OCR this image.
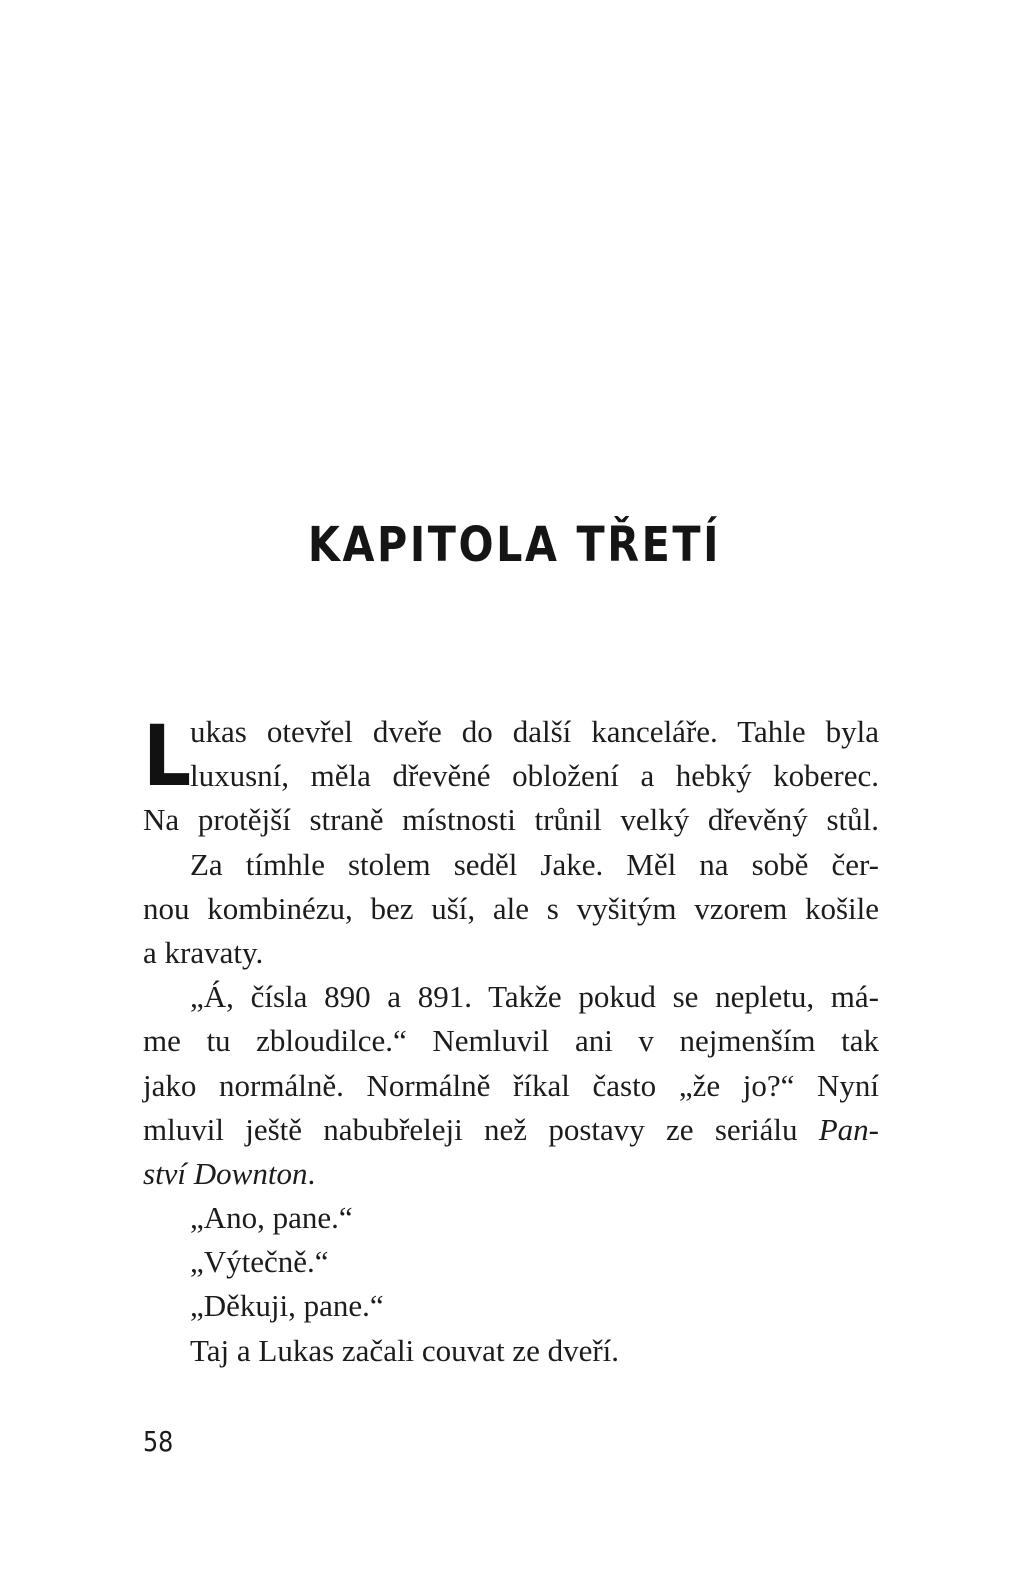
KAPITOLA TŘETÍ
L
ukas otevřel dveře do další kanceláře. Tahle byla
luxusní, měla dřevěné obložení a hebký koberec.
Na protější straně místnosti trůnil velký dřevěný stůl.
Za tímhle stolem seděl Jake. Měl na sobě čer-
nou kombinézu, bez uší, ale s vyšitým vzorem košile
a kravaty.
„Á, čísla 890 a 891. Takže pokud se nepletu, má-
me tu zbloudilce.“ Nemluvil ani v nejmenším tak
jako normálně. Normálně říkal často „že jo?“ Nyní
mluvil ještě nabubřeleji než postavy ze seriálu Pan-
ství Downton.
„Ano, pane.“
„Výtečně.“
„Děkuji, pane.“
Taj a Lukas začali couvat ze dveří.
58
